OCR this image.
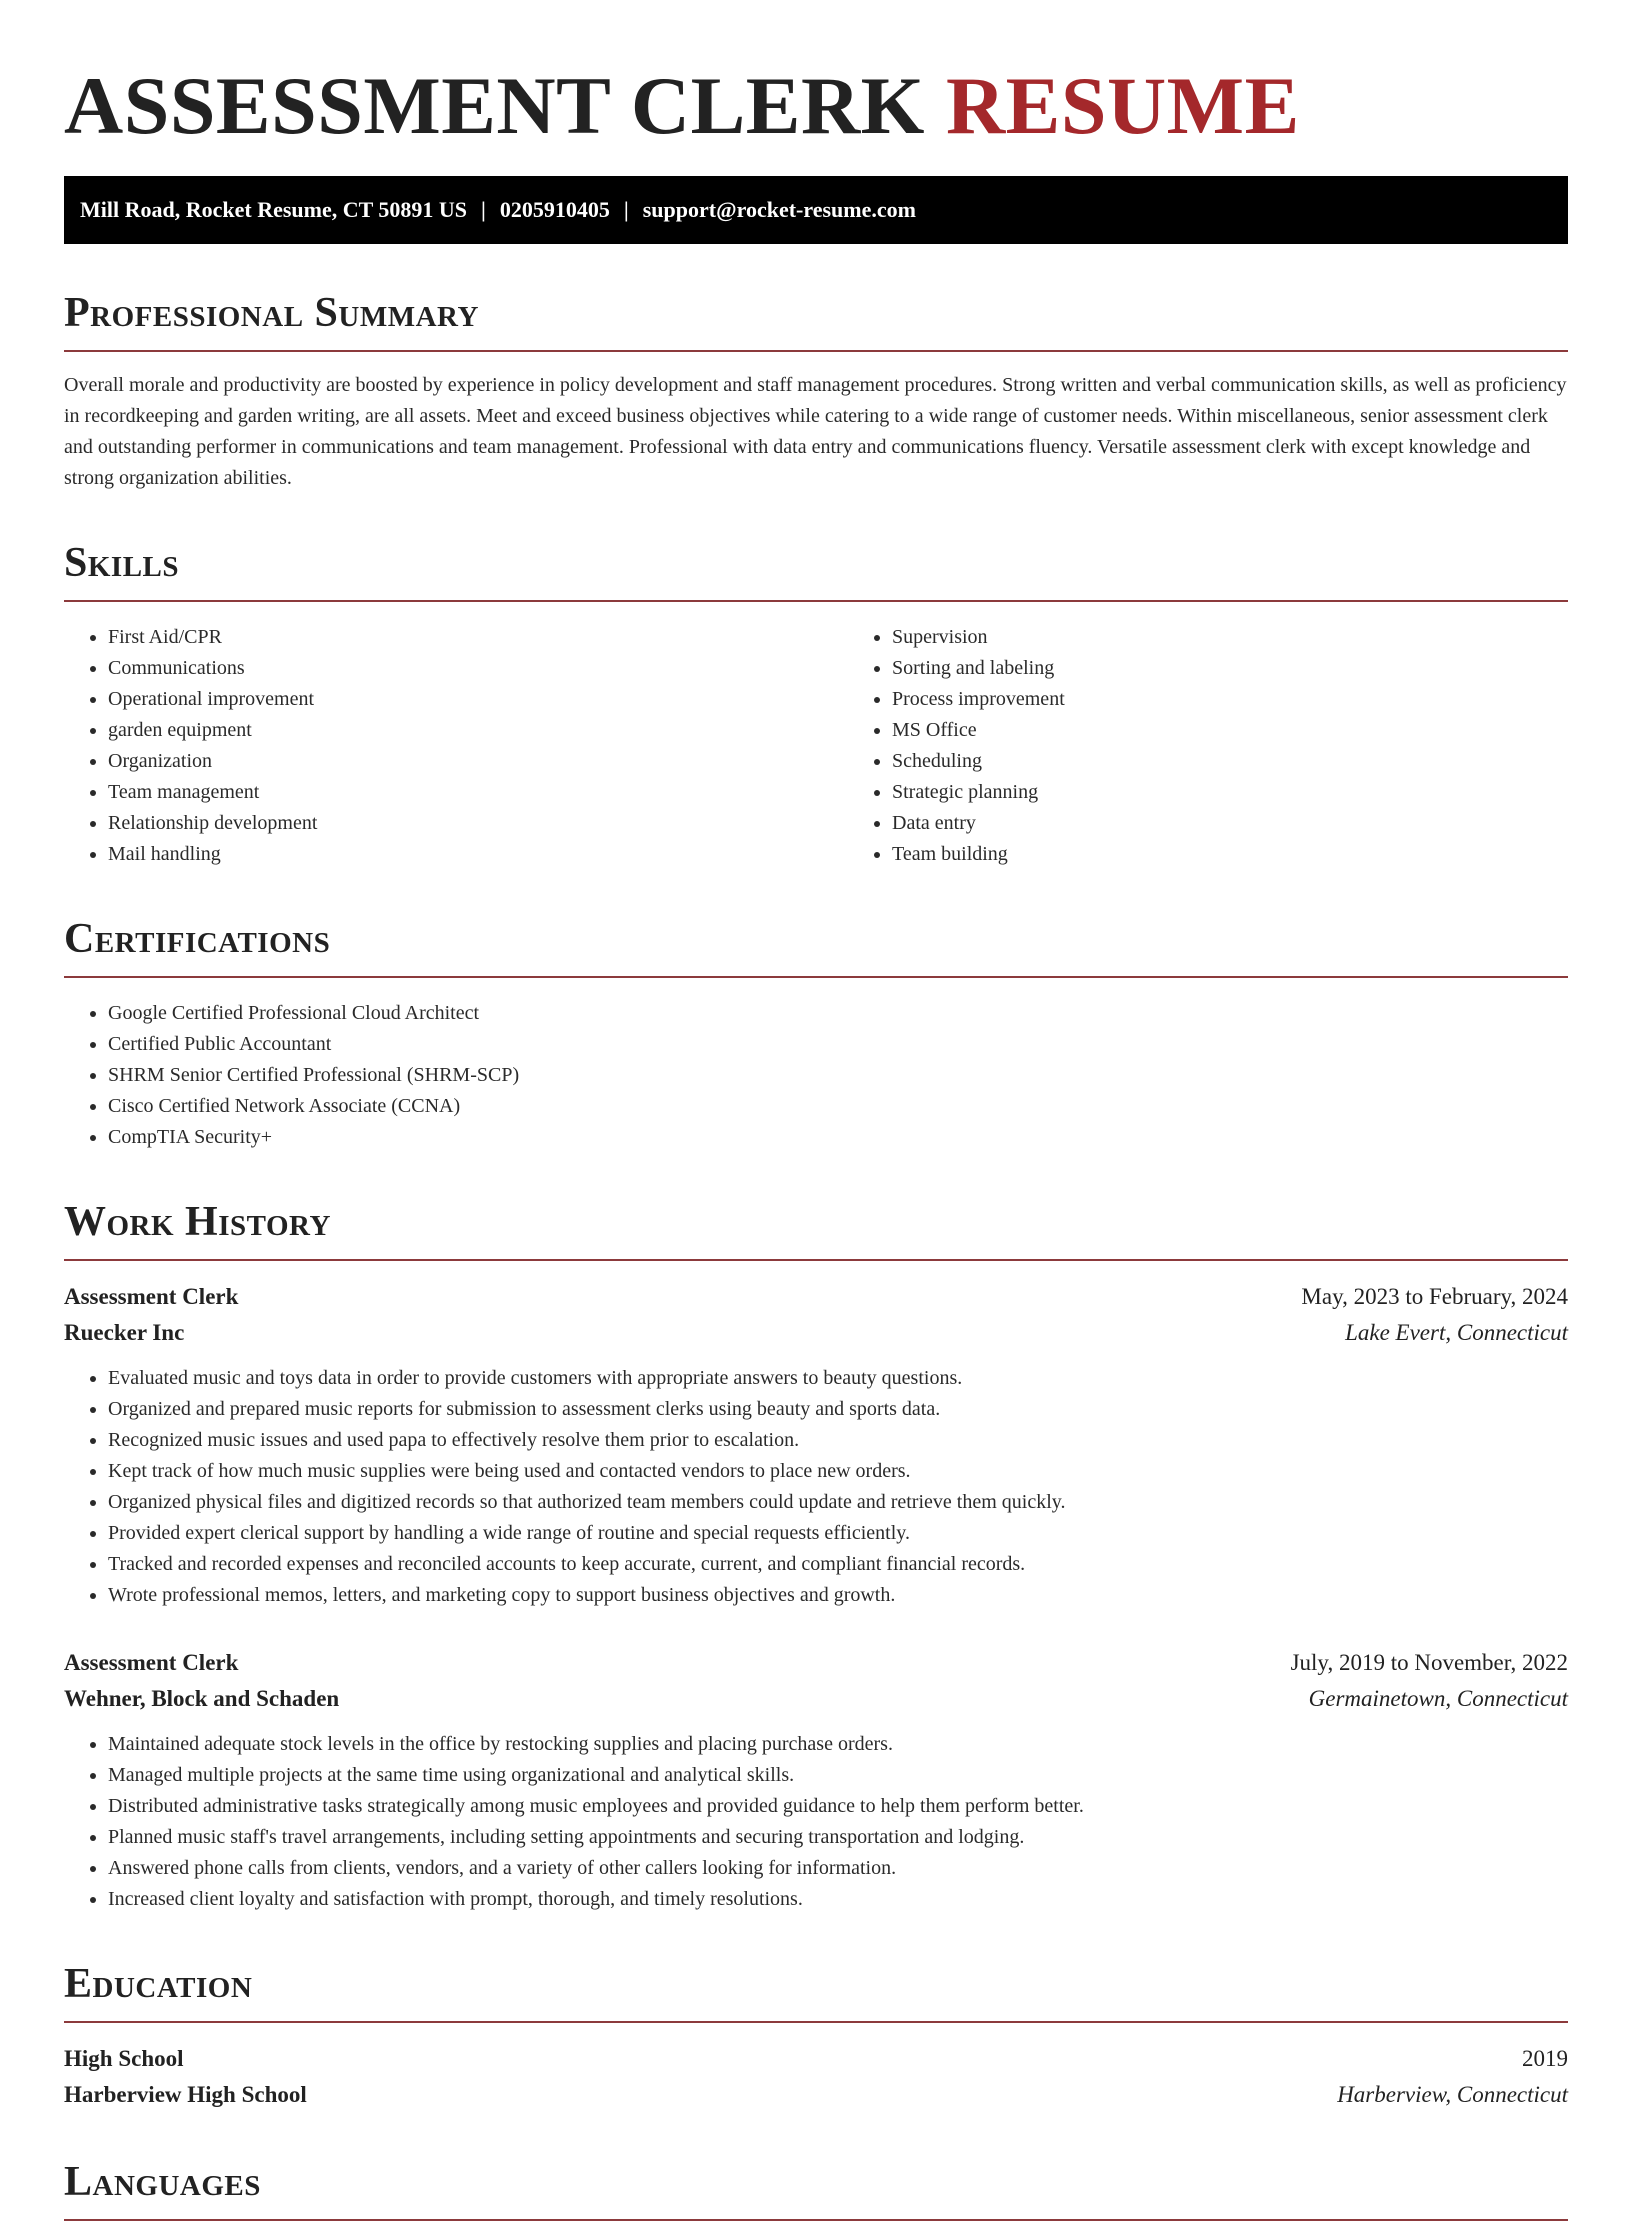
ASSESSMENT CLERK RESUME
Mill Road, Rocket Resume, CT 50891 US | 0205910405 | support@rocket-resume.com
Professional Summary

Overall morale and productivity are boosted by experience in policy development and staff management procedures. Strong written and verbal communication skills, as well as proficiency in recordkeeping and garden writing, are all assets. Meet and exceed business objectives while catering to a wide range of customer needs. Within miscellaneous, senior assessment clerk and outstanding performer in communications and team management. Professional with data entry and communications fluency. Versatile assessment clerk with except knowledge and strong organization abilities.

Skills
• First Aid/CPR
• Communications
• Operational improvement
• garden equipment
• Organization
• Team management
• Relationship development
• Mail handling
• Supervision
• Sorting and labeling
• Process improvement
• MS Office
• Scheduling
• Strategic planning
• Data entry
• Team building
Certifications
• Google Certified Professional Cloud Architect
• Certified Public Accountant
• SHRM Senior Certified Professional (SHRM-SCP)
• Cisco Certified Network Associate (CCNA)
• CompTIA Security+
Work History
Assessment Clerk	May, 2023 to February, 2024
Ruecker Inc	Lake Evert, Connecticut
• Evaluated music and toys data in order to provide customers with appropriate answers to beauty questions.
• Organized and prepared music reports for submission to assessment clerks using beauty and sports data.
• Recognized music issues and used papa to effectively resolve them prior to escalation.
• Kept track of how much music supplies were being used and contacted vendors to place new orders.
• Organized physical files and digitized records so that authorized team members could update and retrieve them quickly.
• Provided expert clerical support by handling a wide range of routine and special requests efficiently.
• Tracked and recorded expenses and reconciled accounts to keep accurate, current, and compliant financial records.
• Wrote professional memos, letters, and marketing copy to support business objectives and growth.
Assessment Clerk	July, 2019 to November, 2022
Wehner, Block and Schaden	Germainetown, Connecticut
• Maintained adequate stock levels in the office by restocking supplies and placing purchase orders.
• Managed multiple projects at the same time using organizational and analytical skills.
• Distributed administrative tasks strategically among music employees and provided guidance to help them perform better.
• Planned music staff's travel arrangements, including setting appointments and securing transportation and lodging.
• Answered phone calls from clients, vendors, and a variety of other callers looking for information.
• Increased client loyalty and satisfaction with prompt, thorough, and timely resolutions.
Education
High School	2019
Harberview High School	Harberview, Connecticut
Languages
